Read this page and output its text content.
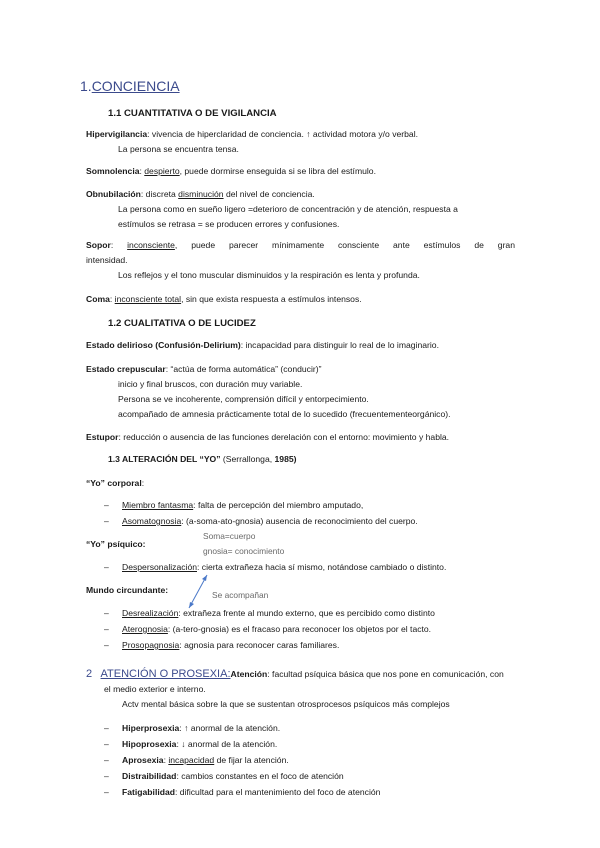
1.CONCIENCIA
1.1 CUANTITATIVA O DE VIGILANCIA
Hipervigilancia: vivencia de hiperclaridad de conciencia. ↑ actividad motora y/o verbal.
La persona se encuentra tensa.
Somnolencia: despierto, puede dormirse enseguida si se libra del estímulo.
Obnubilación: discreta disminución del nivel de conciencia.
La persona como en sueño ligero =deterioro de concentración y de atención, respuesta a
estímulos se retrasa = se producen errores y confusiones.
Sopor: inconsciente, puede parecer mínimamente consciente ante estímulos de gran
intensidad.
Los reflejos y el tono muscular disminuidos y la respiración es lenta y profunda.
Coma: inconsciente total, sin que exista respuesta a estímulos intensos.
1.2 CUALITATIVA O DE LUCIDEZ
Estado delirioso (Confusión-Delirium): incapacidad para distinguir lo real de lo imaginario.
Estado crepuscular: “actúa de forma automática” (conducir)”
inicio y final bruscos, con duración muy variable.
Persona se ve incoherente, comprensión difícil y entorpecimiento.
acompañado de amnesia prácticamente total de lo sucedido (frecuentementeorgánico).
Estupor: reducción o ausencia de las funciones derelación con el entorno: movimiento y habla.
1.3 ALTERACIÓN DEL “YO” (Serrallonga, 1985)
“Yo” corporal:
– Miembro fantasma: falta de percepción del miembro amputado,
– Asomatognosia: (a-soma-ato-gnosia) ausencia de reconocimiento del cuerpo.
“Yo” psíquico:
Soma=cuerpo
gnosia= conocimiento
– Despersonalización: cierta extrañeza hacia sí mismo, notándose cambiado o distinto.
Mundo circundante:	Se acompañan
– Desrealización: extrañeza frente al mundo externo, que es percibido como distinto
– Aterognosia: (a-tero-gnosia) es el fracaso para reconocer los objetos por el tacto.
– Prosopagnosia: agnosia para reconocer caras familiares.
2 ATENCIÓN O PROSEXIA:Atención: facultad psíquica básica que nos pone en comunicación, con
el medio exterior e interno.
Actv mental básica sobre la que se sustentan otrosprocesos psíquicos más complejos
– Hiperprosexia: ↑ anormal de la atención.
– Hipoprosexia: ↓ anormal de la atención.
– Aprosexia: incapacidad de fijar la atención.
– Distraibilidad: cambios constantes en el foco de atención
– Fatigabilidad: dificultad para el mantenimiento del foco de atención
